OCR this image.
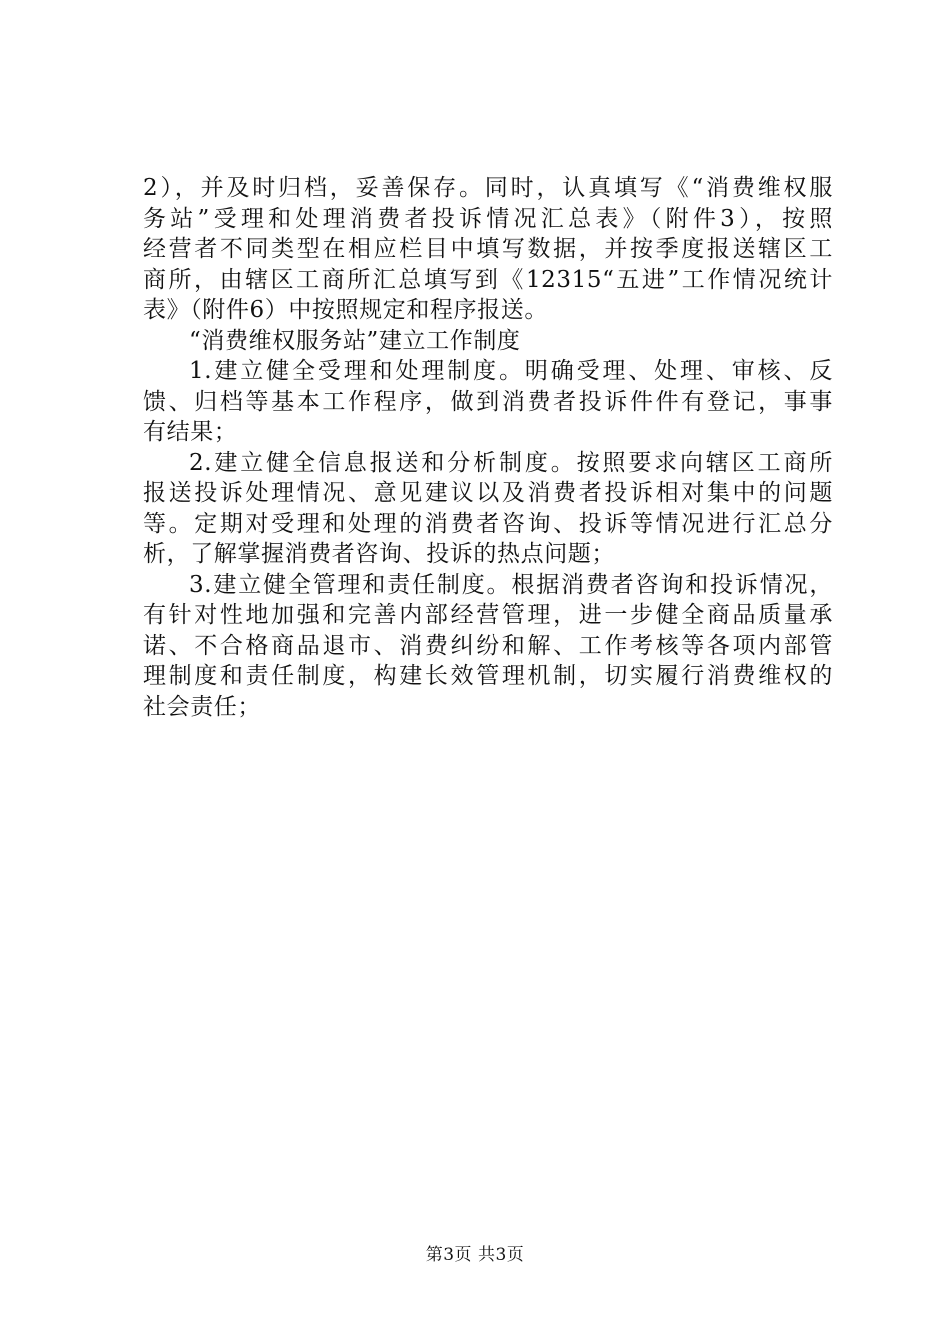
2），并及时归档，妥善保存。同时，认真填写《“消费维权服
务站”受理和处理消费者投诉情况汇总表》（附件3），按照
经营者不同类型在相应栏目中填写数据，并按季度报送辖区工
商所，由辖区工商所汇总填写到《12315“五进”工作情况统计
表》（附件6）中按照规定和程序报送。
“消费维权服务站”建立工作制度
1.建立健全受理和处理制度。明确受理、处理、审核、反
馈、归档等基本工作程序，做到消费者投诉件件有登记，事事
有结果；
2.建立健全信息报送和分析制度。按照要求向辖区工商所
报送投诉处理情况、意见建议以及消费者投诉相对集中的问题
等。定期对受理和处理的消费者咨询、投诉等情况进行汇总分
析，了解掌握消费者咨询、投诉的热点问题；
3.建立健全管理和责任制度。根据消费者咨询和投诉情况，
有针对性地加强和完善内部经营管理，进一步健全商品质量承
诺、不合格商品退市、消费纠纷和解、工作考核等各项内部管
理制度和责任制度，构建长效管理机制，切实履行消费维权的
社会责任；
第3页 共3页
